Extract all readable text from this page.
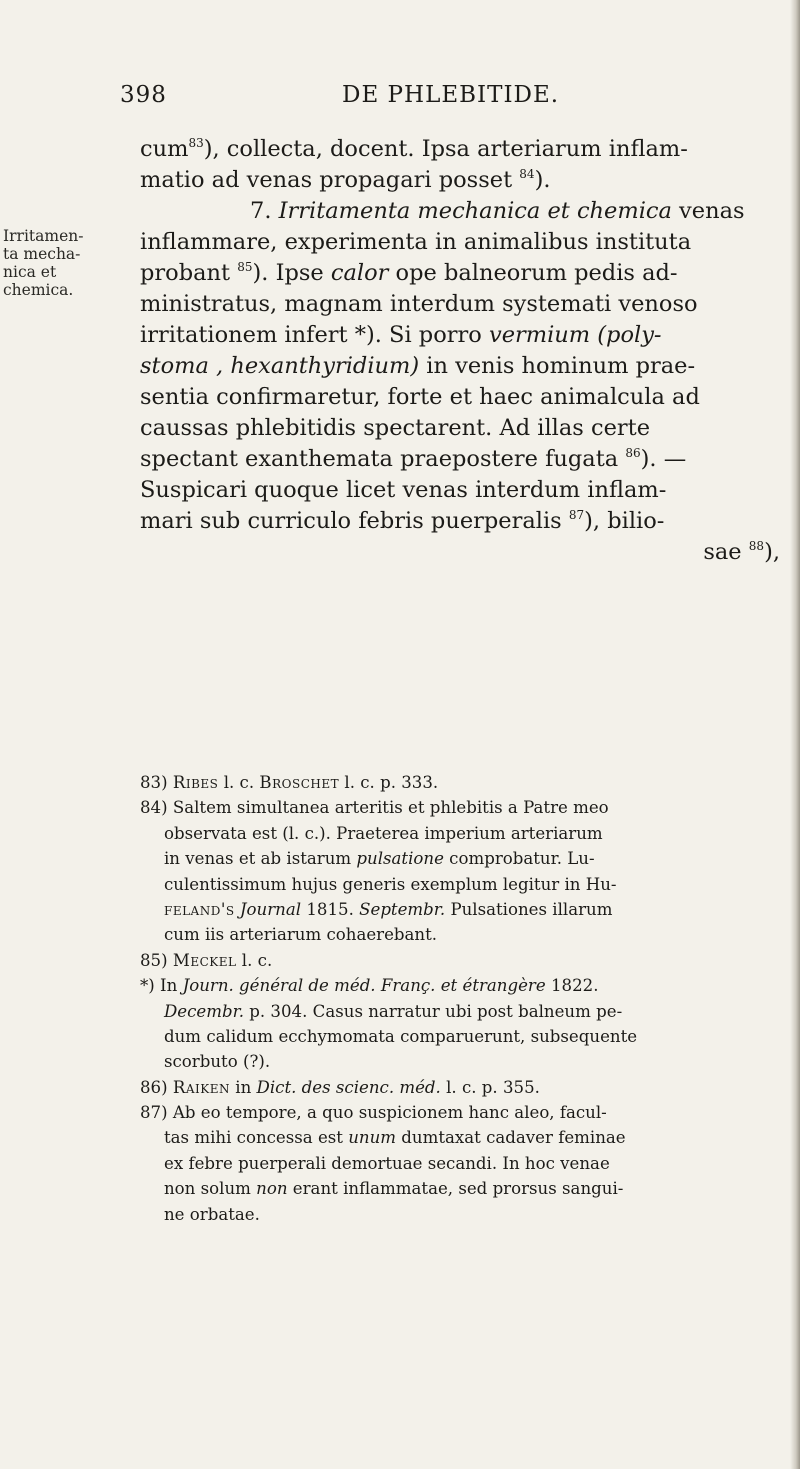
398	DE PHLEBITIDE.
Irritamen-
ta mecha-
nica et
chemica.
cum$^{83}$), collecta, docent. Ipsa arteriarum inflam-
matio ad venas propagari posset $^{84}$).
7. Irritamenta mechanica et chemica venas
inflammare, experimenta in animalibus instituta
probant $^{85}$). Ipse calor ope balneorum pedis ad-
ministratus, magnam interdum systemati venoso
irritationem infert *). Si porro vermium (poly-
stoma , hexanthyridium) in venis hominum prae-
sentia confirmaretur, forte et haec animalcula ad
caussas phlebitidis spectarent. Ad illas certe
spectant exanthemata praepostere fugata $^{86}$). —
Suspicari quoque licet venas interdum inflam-
mari sub curriculo febris puerperalis $^{87}$), bilio-
sae $^{88}$),
83) Ribes l. c. Broschet l. c. p. 333.
84) Saltem simultanea arteritis et phlebitis a Patre meo
observata est (l. c.). Praeterea imperium arteriarum
in venas et ab istarum pulsatione comprobatur. Lu-
culentissimum hujus generis exemplum legitur in Hu-
feland's Journal 1815. Septembr. Pulsationes illarum
cum iis arteriarum cohaerebant.
85) Meckel l. c.
*) In Journ. général de méd. Franç. et étrangère 1822.
Decembr. p. 304. Casus narratur ubi post balneum pe-
dum calidum ecchymomata comparuerunt, subsequente
scorbuto (?).
86) Raiken in Dict. des scienc. méd. l. c. p. 355.
87) Ab eo tempore, a quo suspicionem hanc aleo, facul-
tas mihi concessa est unum dumtaxat cadaver feminae
ex febre puerperali demortuae secandi. In hoc venae
non solum non erant inflammatae, sed prorsus sangui-
ne orbatae.
